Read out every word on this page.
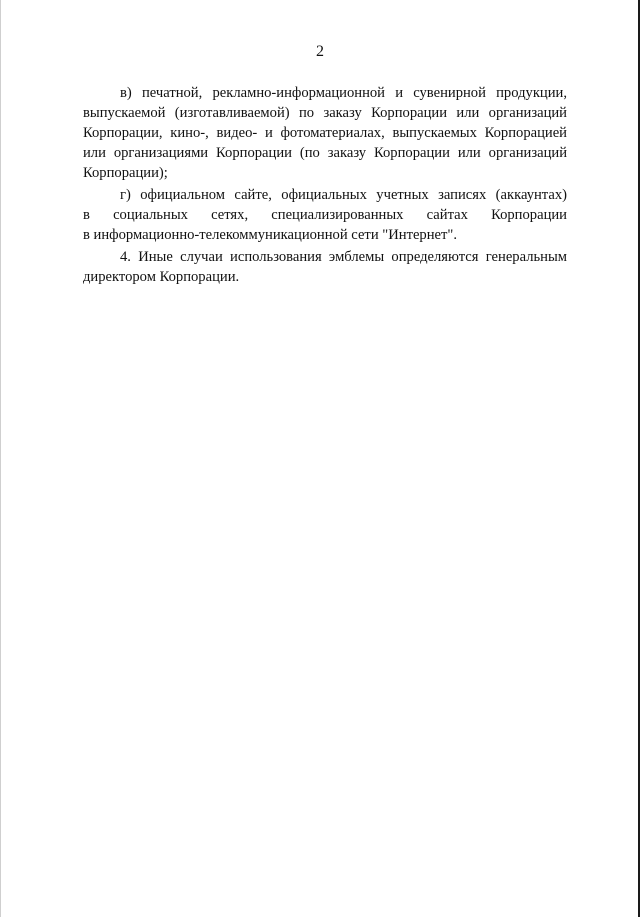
2

в) печатной, рекламно-информационной и сувенирной продукции,
выпускаемой (изготавливаемой) по заказу Корпорации или организаций
Корпорации, кино-, видео- и фотоматериалах, выпускаемых Корпорацией
или организациями Корпорации (по заказу Корпорации или организаций
Корпорации);

г) официальном сайте, официальных учетных записях (аккаунтах)
в социальных сетях, специализированных сайтах Корпорации
в информационно-телекоммуникационной сети "Интернет".

4. Иные случаи использования эмблемы определяются генеральным
директором Корпорации.
